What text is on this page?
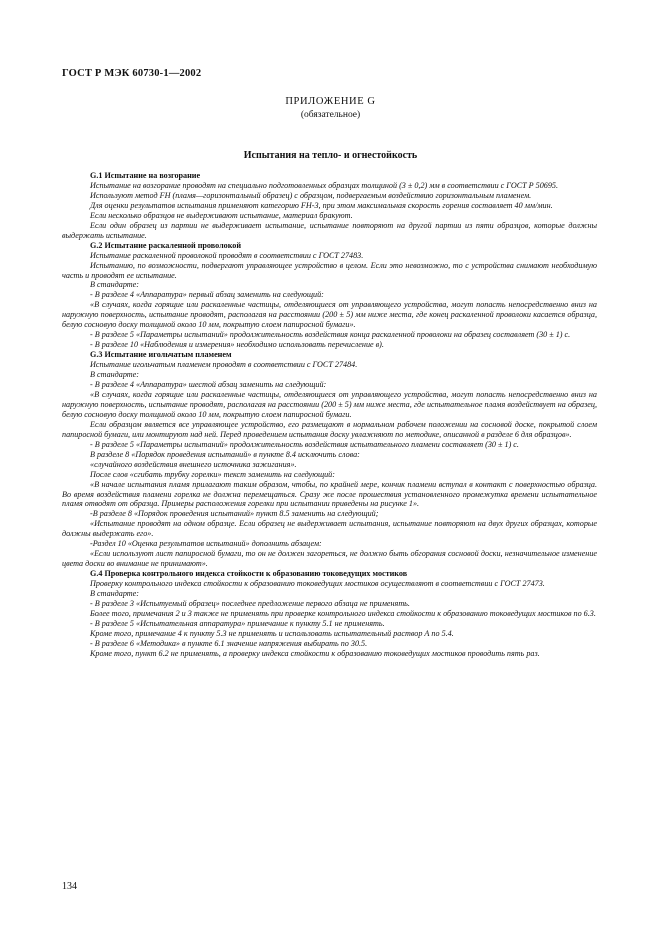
ГОСТ Р МЭК 60730-1—2002
ПРИЛОЖЕНИЕ G
(обязательное)
Испытания на тепло- и огнестойкость

G.1 Испытание на возгорание

Испытание на возгорание проводят на специально подготовленных образцах толщиной (3 ± 0,2) мм в соответствии с ГОСТ Р 50695.

Используют метод FH (пламя—горизонтальный образец) с образцом, подвергаемым воздействию горизонтальным пламенем.

Для оценки результатов испытания применяют категорию FH-3, при этом максимальная скорость горения составляет 40 мм/мин.

Если несколько образцов не выдерживают испытание, материал бракуют.

Если один образец из партии не выдерживает испытание, испытание повторяют на другой партии из пяти образцов, которые должны выдержать испытание.

G.2 Испытание раскаленной проволокой

Испытание раскаленной проволокой проводят в соответствии с ГОСТ 27483.

Испытанию, по возможности, подвергают управляющее устройство в целом. Если это невозможно, то с устройства снимают необходимую часть и проводят ее испытание.

В стандарте:

- В разделе 4 «Аппаратура» первый абзац заменить на следующий:

«В случаях, когда горящие или раскаленные частицы, отделяющиеся от управляющего устройства, могут попасть непосредственно вниз на наружную поверхность, испытание проводят, располагая на расстоянии (200 ± 5) мм ниже места, где конец раскаленной проволоки касается образца, белую сосновую доску толщиной около 10 мм, покрытую слоем папиросной бумаги».

- В разделе 5 «Параметры испытаний» продолжительность воздействия конца раскаленной проволоки на образец составляет (30 ± 1) с.

- В разделе 10 «Наблюдения и измерения» необходимо использовать перечисление в).

G.3 Испытание игольчатым пламенем

Испытание игольчатым пламенем проводят в соответствии с ГОСТ 27484.

В стандарте:

- В разделе 4 «Аппаратура» шестой абзац заменить на следующий:

«В случаях, когда горящие или раскаленные частицы, отделяющиеся от управляющего устройства, могут попасть непосредственно вниз на наружную поверхность, испытание проводят, располагая на расстоянии (200 ± 5) мм ниже места, где испытательное пламя воздействует на образец, белую сосновую доску толщиной около 10 мм, покрытую слоем папиросной бумаги.

Если образцом является все управляющее устройство, его размещают в нормальном рабочем положении на сосновой доске, покрытой слоем папиросной бумаги, или монтируют над ней. Перед проведением испытания доску увлажняют по методике, описанной в разделе 6 для образцов».

- В разделе 5 «Параметры испытаний» продолжительность воздействия испытательного пламени составляет (30 ± 1) с.

В разделе 8 «Порядок проведения испытаний» в пункте 8.4 исключить слова:

«случайного воздействия внешнего источника зажигания».

После слов «сгибать трубку горелки» текст заменить на следующий:

«В начале испытания пламя прилагают таким образом, чтобы, по крайней мере, кончик пламени вступал в контакт с поверхностью образца. Во время воздействия пламени горелка не должна перемещаться. Сразу же после прошествия установленного промежутка времени испытательное пламя отводят от образца. Примеры расположения горелки при испытании приведены на рисунке 1».

-В разделе 8 «Порядок проведения испытаний» пункт 8.5 заменить на следующий;

«Испытание проводят на одном образце. Если образец не выдерживает испытания, испытание повторяют на двух других образцах, которые должны выдержать его».

-Раздел 10 «Оценка результатов испытаний» дополнить абзацем:

«Если используют лист папиросной бумаги, то он не должен загореться, не должно быть обгорания сосновой доски, незначительное изменение цвета доски во внимание не принимают».

G.4 Проверка контрольного индекса стойкости к образованию токоведущих мостиков

Проверку контрольного индекса стойкости к образованию токоведущих мостиков осуществляют в соответствии с ГОСТ 27473.

В стандарте:

- В разделе 3 «Испытуемый образец» последнее предложение первого абзаца не применять.

Более того, примечания 2 и 3 также не применять при проверке контрольного индекса стойкости к образованию токоведущих мостиков по 6.3.

- В разделе 5 «Испытательная аппаратура» примечание к пункту 5.1 не применять.

Кроме того, примечание 4 к пункту 5.3 не применять и использовать испытательный раствор А по 5.4.

- В разделе 6 «Методика» в пункте 6.1 значение напряжения выбирать по 30.5.

Кроме того, пункт 6.2 не применять, а проверку индекса стойкости к образованию токоведущих мостиков проводить пять раз.

134
